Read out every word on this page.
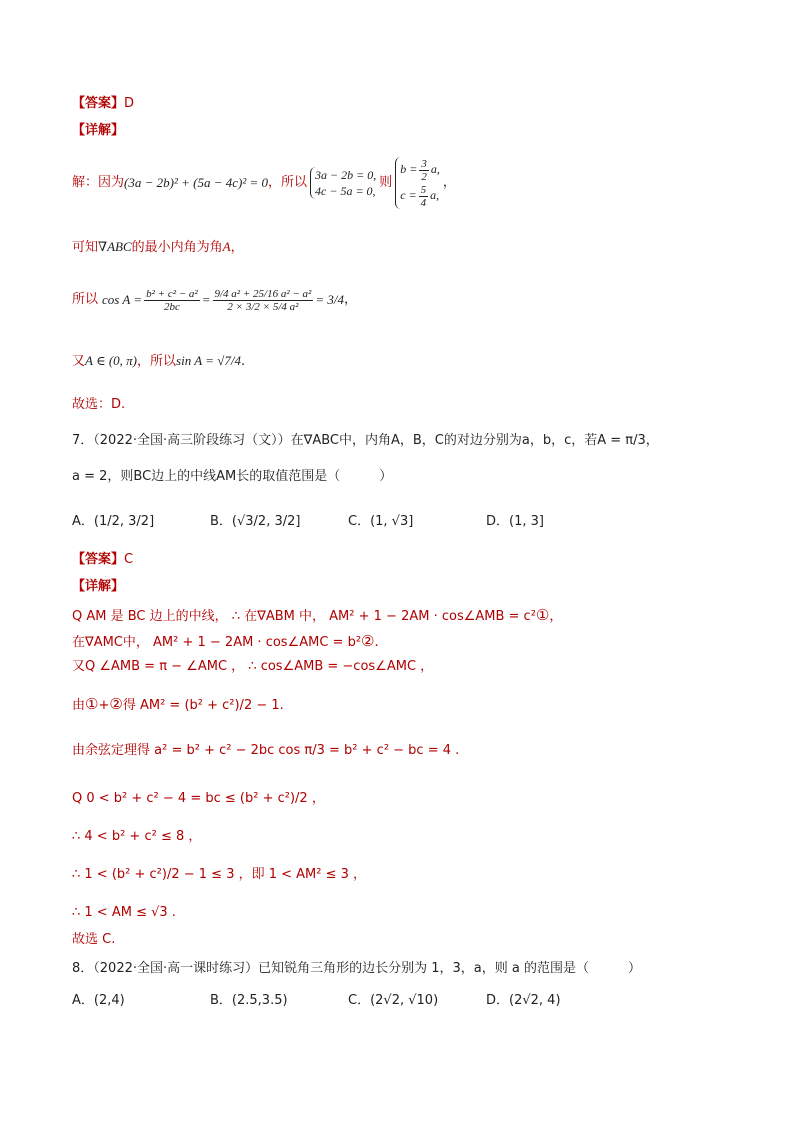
【答案】D
【详解】
解：因为 (3a − 2b)² + (5a − 4c)² = 0 ，所以 3a − 2b = 0,
4c − 5a = 0,
则
$b = \frac{3}{2} a$,
$c = \frac{5}{4} a$,
，
可知∇ABC的最小内角为角A，
所以 $\cos A = \frac{\text{b² + c² − a²}}{2bc} = \frac{\text{9/4 a² + 25/16 a² − a²}}{\text{2 × 3/2 × 5/4 a²}} = 3/4$ ，
又A ∈ (0, π)，所以sin A = √7/4.
故选：D.
7．（2022·全国·高三阶段练习（文））在∇ABC中，内角A，B，C的对边分别为a，b，c，若A = π/3，
a = 2，则BC边上的中线AM长的取值范围是（　　　）
A．(1/2, 3/2]	B．(√3/2, 3/2]	C．(1, √3]	D．(1, 3]
【答案】C
【详解】
Q AM 是 BC 边上的中线， ∴ 在∇ABM 中， AM² + 1 − 2AM · cos∠AMB = c²①，
在∇AMC中， AM² + 1 − 2AM · cos∠AMC = b²②.
又Q ∠AMB = π − ∠AMC ， ∴ cos∠AMB = −cos∠AMC ，
由①+②得 AM² = (b² + c²)/2 − 1.
由余弦定理得 a² = b² + c² − 2bc cos π/3 = b² + c² − bc = 4 .
Q 0 < b² + c² − 4 = bc ≤ (b² + c²)/2 ，
∴ 4 < b² + c² ≤ 8 ，
∴ 1 < (b² + c²)/2 − 1 ≤ 3 ，即 1 < AM² ≤ 3 ，
∴ 1 < AM ≤ √3 .
故选 C.
8．（2022·全国·高一课时练习）已知锐角三角形的边长分别为 1，3，a，则 a 的范围是（　　　）
A．(2,4)	B．(2.5,3.5)	C．(2√2, √10)	D．(2√2, 4)
